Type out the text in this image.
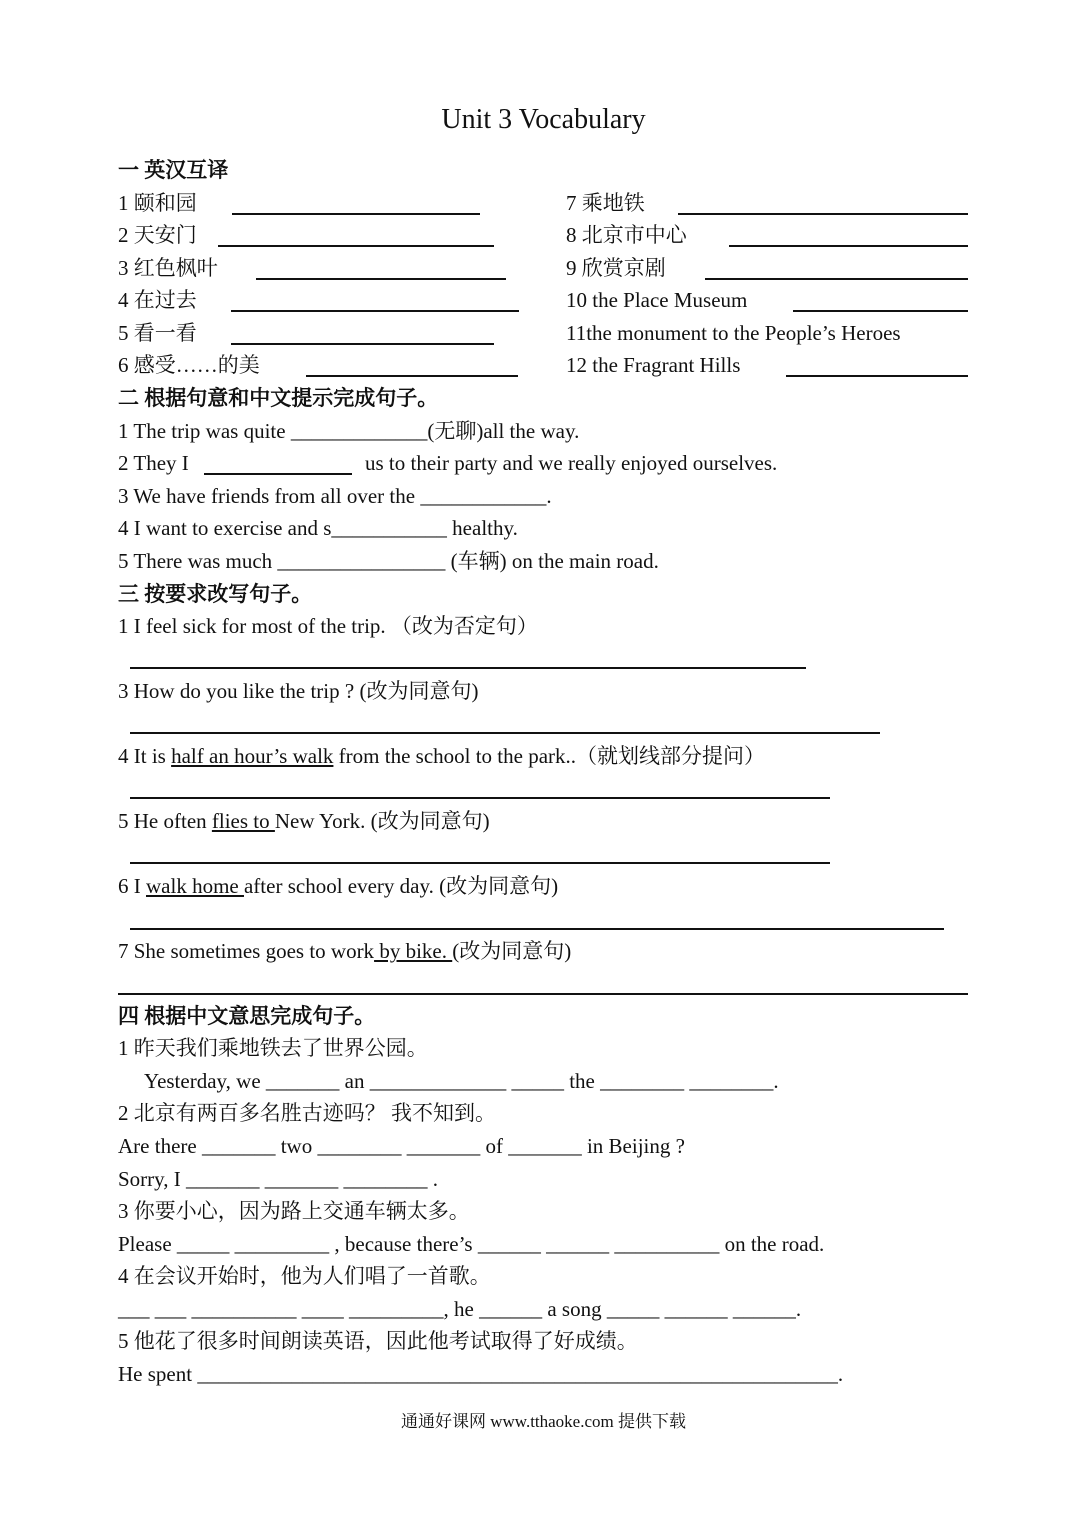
Unit 3 Vocabulary
一 英汉互译
1 颐和园
2 天安门
3 红色枫叶
4 在过去
5 看一看
6 感受……的美
7 乘地铁
8 北京市中心
9 欣赏京剧
10 the Place Museum
11the monument to the People’s Heroes
12 the Fragrant Hills
二 根据句意和中文提示完成句子。
1 The trip was quite _____________(无聊)all the way.
2 They I	us to their party and we really enjoyed ourselves.
3 We have friends from all over the ____________.
4 I want to exercise and s___________ healthy.
5 There was much ________________ (车辆) on the main road.
三 按要求改写句子。
1 I feel sick for most of the trip. （改为否定句）
3 How do you like the trip ? (改为同意句)
4 It is half an hour’s walk from the school to the park..（就划线部分提问）
5 He often flies to New York. (改为同意句)
6 I walk home after school every day. (改为同意句)
7 She sometimes goes to work by bike. (改为同意句)
四 根据中文意思完成句子。
1 昨天我们乘地铁去了世界公园。
Yesterday, we _______ an _____________ _____ the ________ ________.
2 北京有两百多名胜古迹吗？ 我不知到。
Are there _______ two ________ _______ of _______ in Beijing ?
Sorry, I _______ _______ ________ .
3 你要小心，因为路上交通车辆太多。
Please _____ _________ , because there’s ______ ______ __________ on the road.
4 在会议开始时，他为人们唱了一首歌。
___ ___ __________ ____ _________, he ______ a song _____ ______ ______.
5 他花了很多时间朗读英语，因此他考试取得了好成绩。
He spent _____________________________________________________________.
通通好课网 www.tthaoke.com 提供下载
